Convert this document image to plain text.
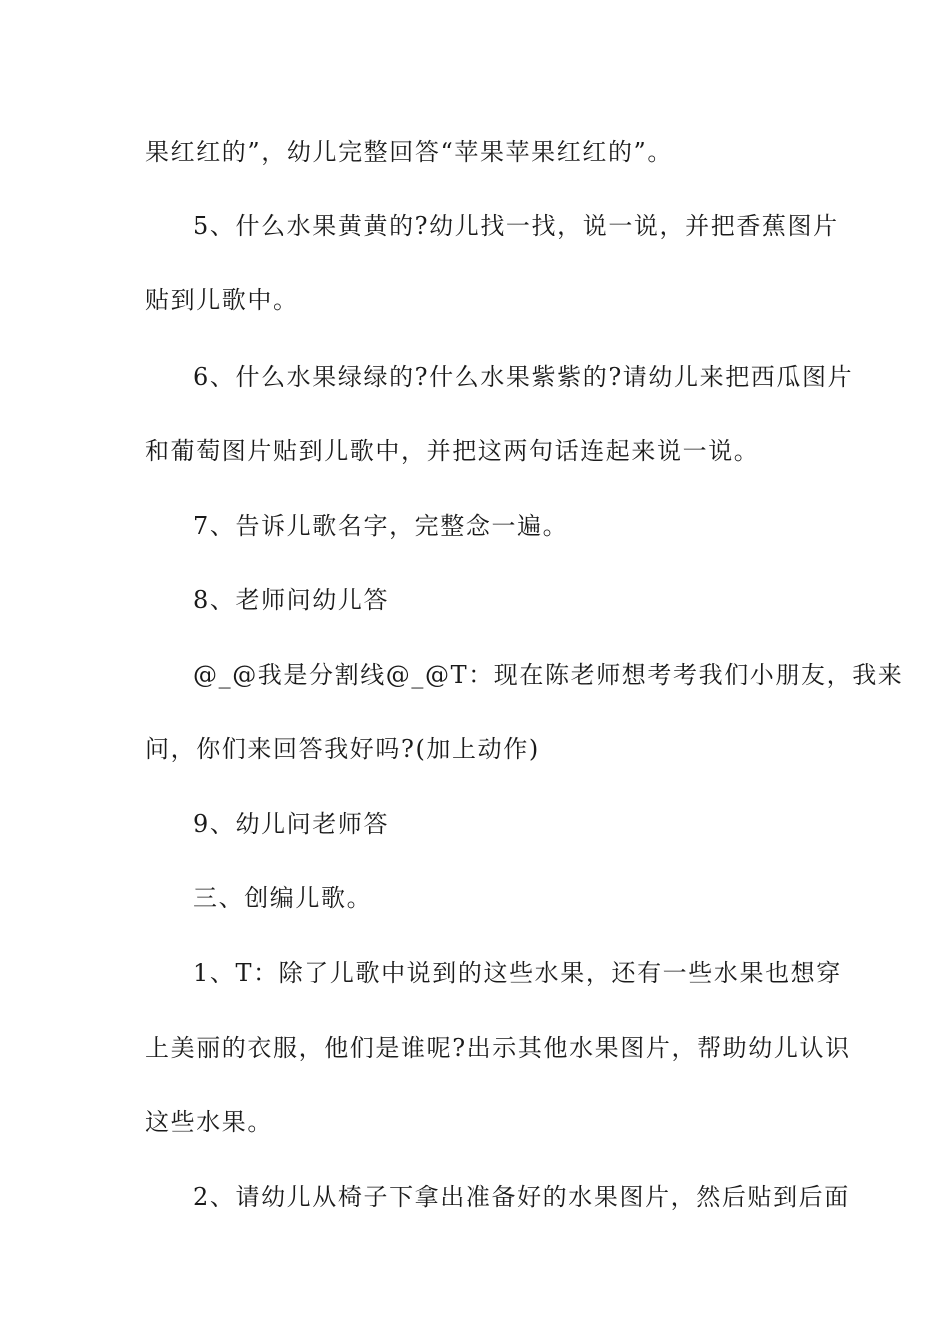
果红红的”，幼儿完整回答“苹果苹果红红的”。
5、什么水果黄黄的?幼儿找一找，说一说，并把香蕉图片
贴到儿歌中。
6、什么水果绿绿的?什么水果紫紫的?请幼儿来把西瓜图片
和葡萄图片贴到儿歌中，并把这两句话连起来说一说。
7、告诉儿歌名字，完整念一遍。
8、老师问幼儿答
@_@我是分割线@_@T：现在陈老师想考考我们小朋友，我来
问，你们来回答我好吗?(加上动作)
9、幼儿问老师答
三、创编儿歌。
1、T：除了儿歌中说到的这些水果，还有一些水果也想穿
上美丽的衣服，他们是谁呢?出示其他水果图片，帮助幼儿认识
这些水果。
2、请幼儿从椅子下拿出准备好的水果图片，然后贴到后面
